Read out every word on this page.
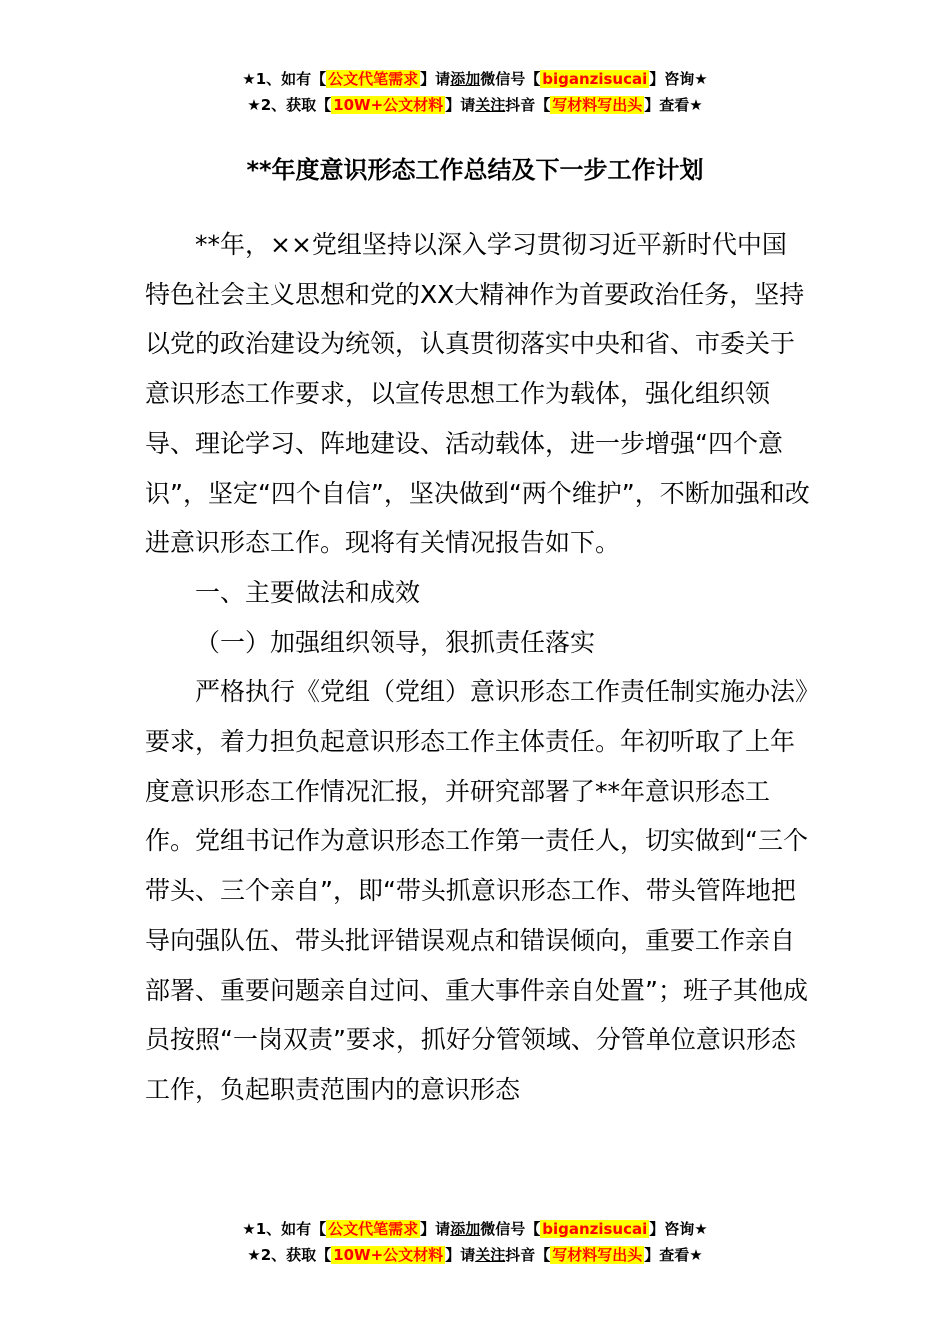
★1、如有【 公文代笔需求 】请添加微信号【 biganzisucai 】咨询★
★2、获取【 10W+公文材料 】请关注抖音【 写材料写出头 】查看★
**年度意识形态工作总结及下一步工作计划

**年，××党组坚持以深入学习贯彻习近平新时代中国特色社会主义思想和党的XX大精神作为首要政治任务，坚持以党的政治建设为统领，认真贯彻落实中央和省、市委关于意识形态工作要求，以宣传思想工作为载体，强化组织领导、理论学习、阵地建设、活动载体，进一步增强“四个意识”，坚定“四个自信”，坚决做到“两个维护”，不断加强和改进意识形态工作。现将有关情况报告如下。

一、主要做法和成效

（一）加强组织领导，狠抓责任落实

严格执行《党组（党组）意识形态工作责任制实施办法》要求，着力担负起意识形态工作主体责任。年初听取了上年度意识形态工作情况汇报，并研究部署了**年意识形态工作。党组书记作为意识形态工作第一责任人，切实做到“三个带头、三个亲自”，即“带头抓意识形态工作、带头管阵地把导向强队伍、带头批评错误观点和错误倾向，重要工作亲自部署、重要问题亲自过问、重大事件亲自处置”；班子其他成员按照“一岗双责”要求，抓好分管领域、分管单位意识形态工作，负起职责范围内的意识形态

★1、如有【 公文代笔需求 】请添加微信号【 biganzisucai 】咨询★
★2、获取【 10W+公文材料 】请关注抖音【 写材料写出头 】查看★
